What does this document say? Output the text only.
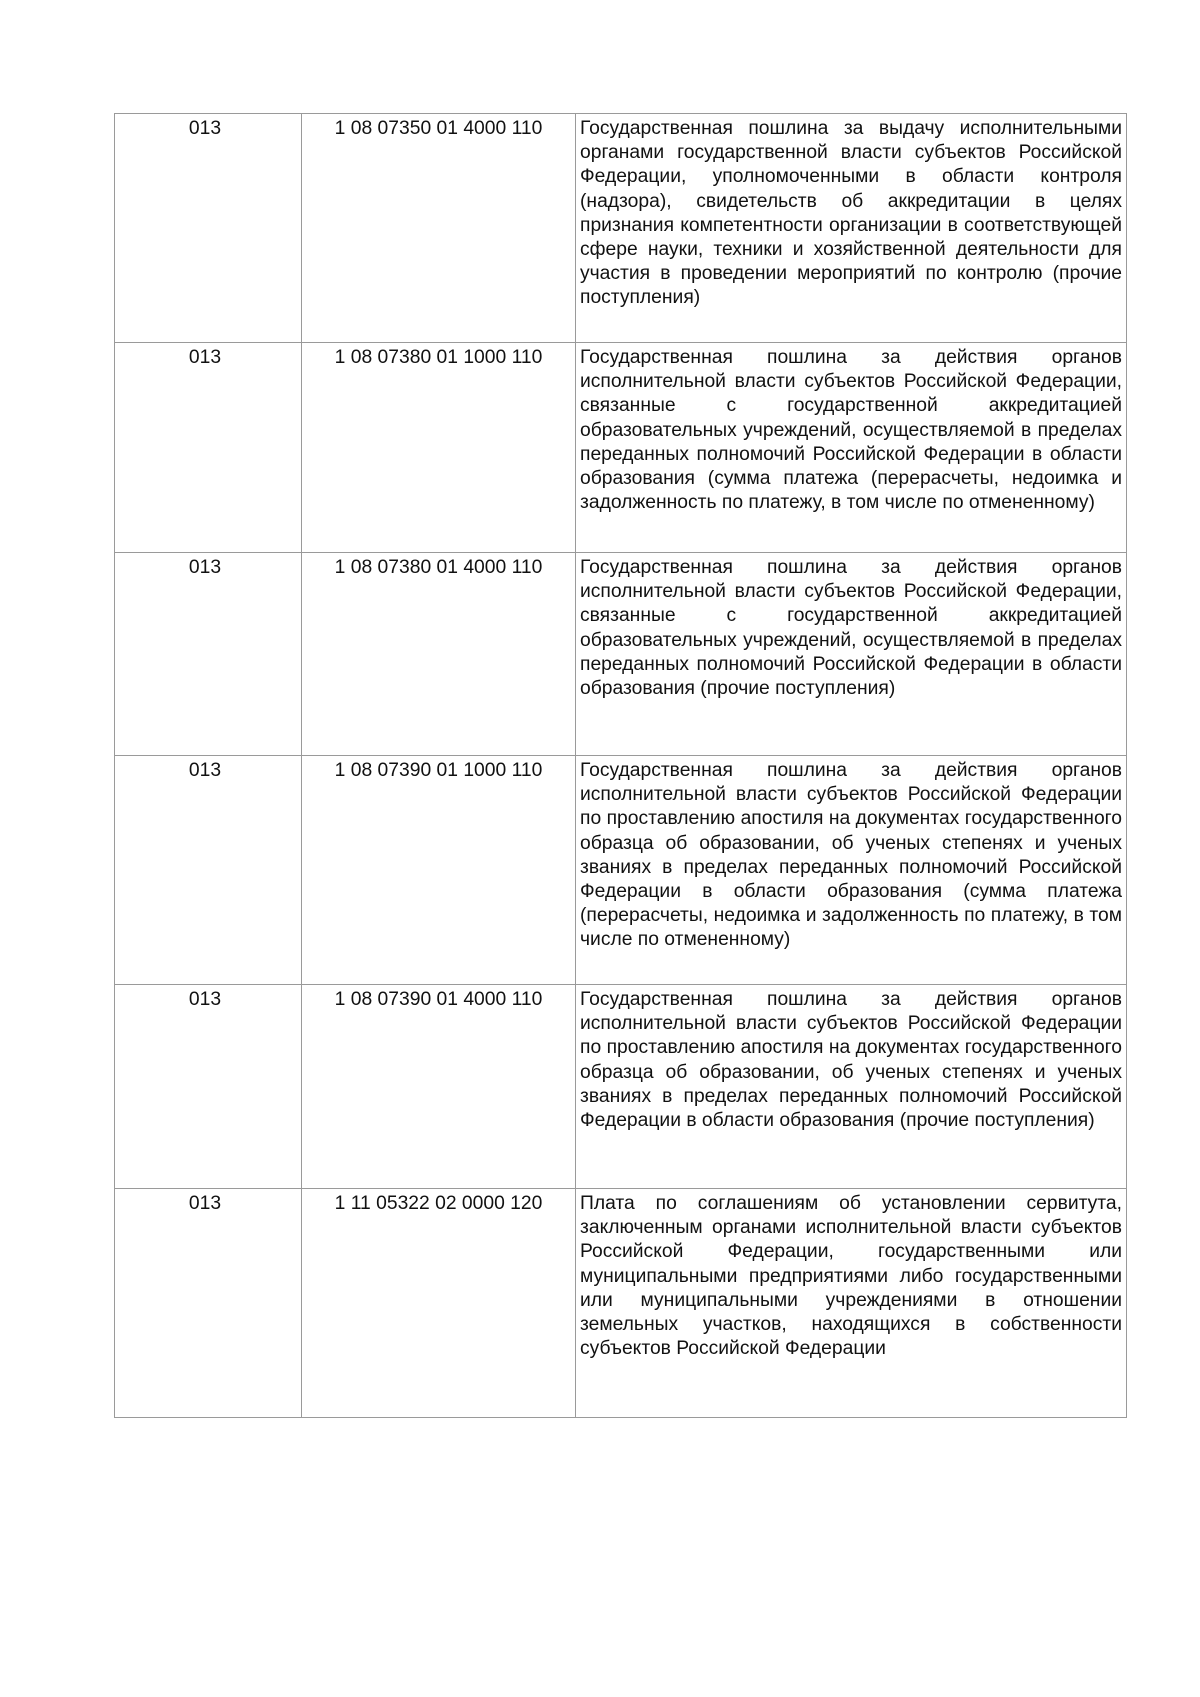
013	1 08 07350 01 4000 110	Государственная пошлина за выдачу исполнительными органами государственной власти субъектов Российской Федерации, уполномоченными в области контроля (надзора), свидетельств об аккредитации в целях признания компетентности организации в соответствующей сфере науки, техники и хозяйственной деятельности для участия в проведении мероприятий по контролю (прочие поступления)

013	1 08 07380 01 1000 110	Государственная пошлина за действия органов исполнительной власти субъектов Российской Федерации, связанные с государственной аккредитацией образовательных учреждений, осуществляемой в пределах переданных полномочий Российской Федерации в области образования (сумма платежа (перерасчеты, недоимка и задолженность по платежу, в том числе по отмененному)

013	1 08 07380 01 4000 110	Государственная пошлина за действия органов исполнительной власти субъектов Российской Федерации, связанные с государственной аккредитацией образовательных учреждений, осуществляемой в пределах переданных полномочий Российской Федерации в области образования (прочие поступления)

013	1 08 07390 01 1000 110	Государственная пошлина за действия органов исполнительной власти субъектов Российской Федерации по проставлению апостиля на документах государственного образца об образовании, об ученых степенях и ученых званиях в пределах переданных полномочий Российской Федерации в области образования (сумма платежа (перерасчеты, недоимка и задолженность по платежу, в том числе по отмененному)

013	1 08 07390 01 4000 110	Государственная пошлина за действия органов исполнительной власти субъектов Российской Федерации по проставлению апостиля на документах государственного образца об образовании, об ученых степенях и ученых званиях в пределах переданных полномочий Российской Федерации в области образования (прочие поступления)

013	1 11 05322 02 0000 120	Плата по соглашениям об установлении сервитута, заключенным органами исполнительной власти субъектов Российской Федерации, государственными или муниципальными предприятиями либо государственными или муниципальными учреждениями в отношении земельных участков, находящихся в собственности субъектов Российской Федерации
